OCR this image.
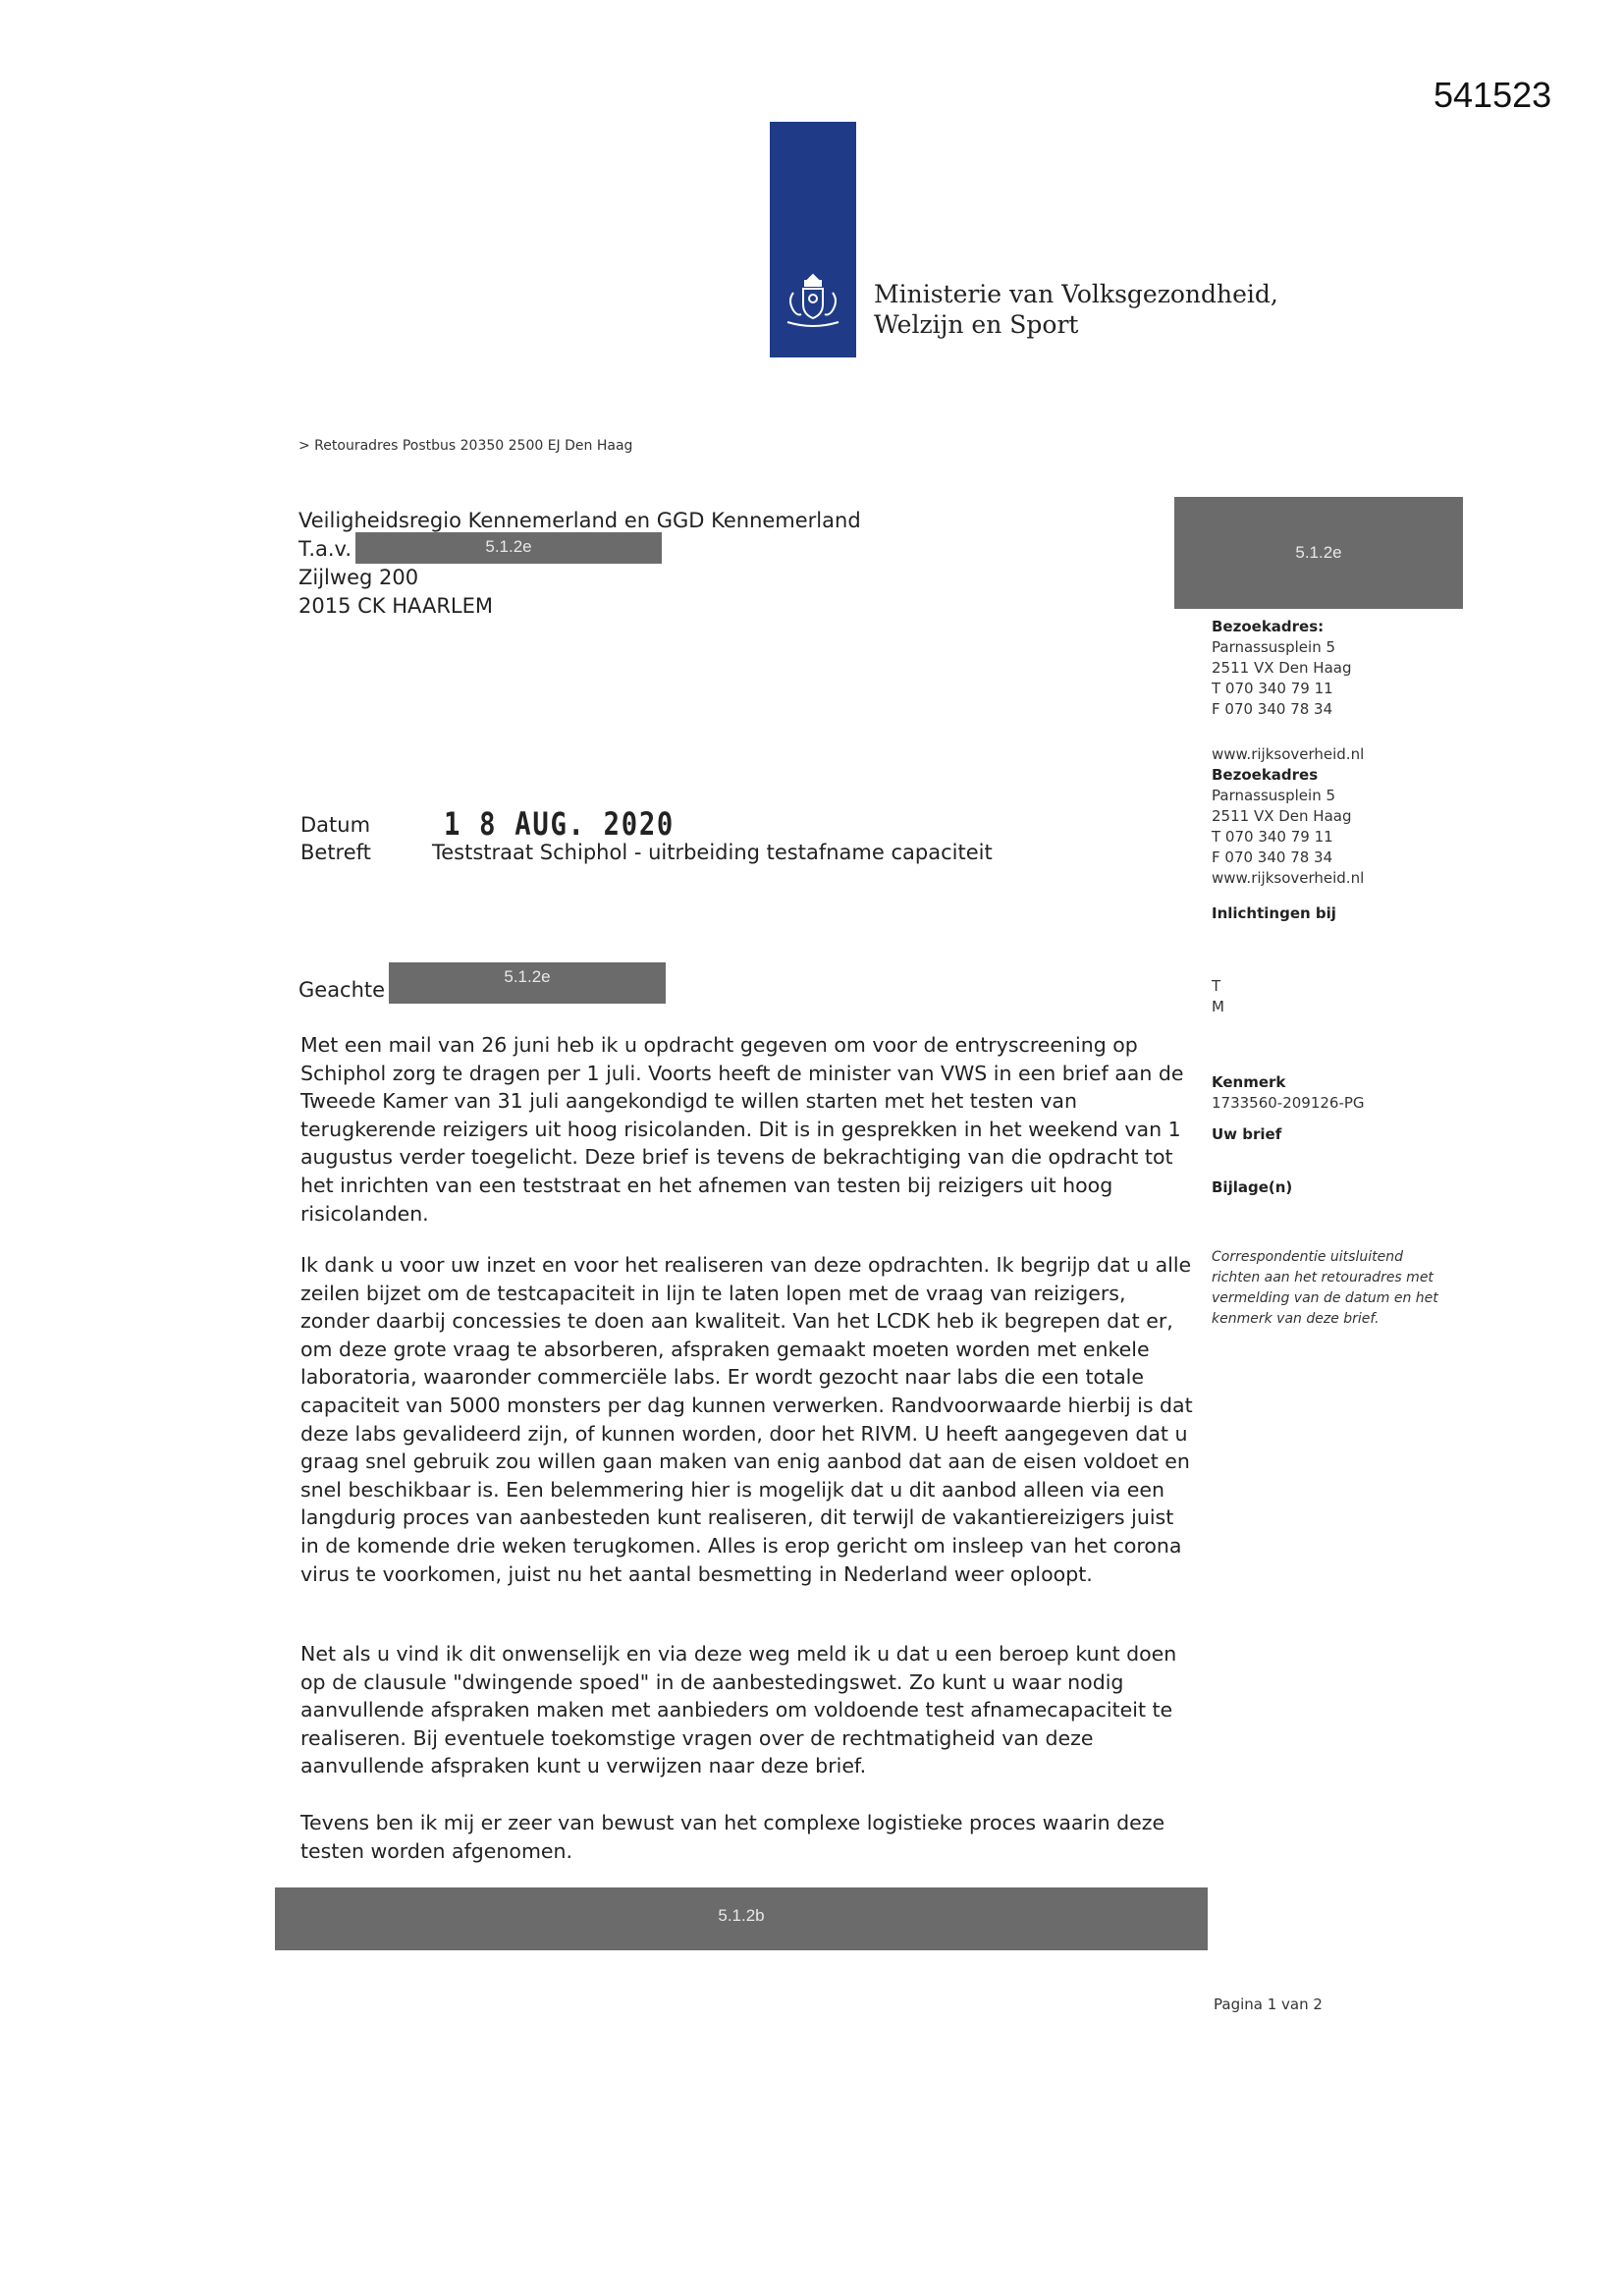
541523
Ministerie van Volksgezondheid,
Welzijn en Sport
> Retouradres Postbus 20350 2500 EJ Den Haag
Veiligheidsregio Kennemerland en GGD Kennemerland
T.a.v.
Zijlweg 200
2015 CK HAARLEM
5.1.2e	5.1.2e
Bezoekadres:
Parnassusplein 5
2511 VX Den Haag
T 070 340 79 11
F 070 340 78 34
www.rijksoverheid.nl
Bezoekadres
Parnassusplein 5
2511 VX Den Haag
T 070 340 79 11
F 070 340 78 34
www.rijksoverheid.nl
Inlichtingen bij
T
M
Kenmerk
1733560-209126-PG
Uw brief
Bijlage(n)
Correspondentie uitsluitend richten aan het retouradres met vermelding van de datum en het kenmerk van deze brief.
Datum 1 8 AUG. 2020
Betreft	Teststraat Schiphol - uitrbeiding testafname capaciteit
Geachte
5.1.2e

Met een mail van 26 juni heb ik u opdracht gegeven om voor de entryscreening op Schiphol zorg te dragen per 1 juli. Voorts heeft de minister van VWS in een brief aan de Tweede Kamer van 31 juli aangekondigd te willen starten met het testen van terugkerende reizigers uit hoog risicolanden. Dit is in gesprekken in het weekend van 1 augustus verder toegelicht. Deze brief is tevens de bekrachtiging van die opdracht tot het inrichten van een teststraat en het afnemen van testen bij reizigers uit hoog risicolanden.

Ik dank u voor uw inzet en voor het realiseren van deze opdrachten. Ik begrijp dat u alle zeilen bijzet om de testcapaciteit in lijn te laten lopen met de vraag van reizigers, zonder daarbij concessies te doen aan kwaliteit. Van het LCDK heb ik begrepen dat er, om deze grote vraag te absorberen, afspraken gemaakt moeten worden met enkele laboratoria, waaronder commerciële labs. Er wordt gezocht naar labs die een totale capaciteit van 5000 monsters per dag kunnen verwerken. Randvoorwaarde hierbij is dat deze labs gevalideerd zijn, of kunnen worden, door het RIVM. U heeft aangegeven dat u graag snel gebruik zou willen gaan maken van enig aanbod dat aan de eisen voldoet en snel beschikbaar is. Een belemmering hier is mogelijk dat u dit aanbod alleen via een langdurig proces van aanbesteden kunt realiseren, dit terwijl de vakantiereizigers juist in de komende drie weken terugkomen. Alles is erop gericht om insleep van het corona virus te voorkomen, juist nu het aantal besmetting in Nederland weer oploopt.

Net als u vind ik dit onwenselijk en via deze weg meld ik u dat u een beroep kunt doen op de clausule "dwingende spoed" in de aanbestedingswet. Zo kunt u waar nodig aanvullende afspraken maken met aanbieders om voldoende test afnamecapaciteit te realiseren. Bij eventuele toekomstige vragen over de rechtmatigheid van deze aanvullende afspraken kunt u verwijzen naar deze brief.

Tevens ben ik mij er zeer van bewust van het complexe logistieke proces waarin deze testen worden afgenomen.

5.1.2b
Pagina 1 van 2
